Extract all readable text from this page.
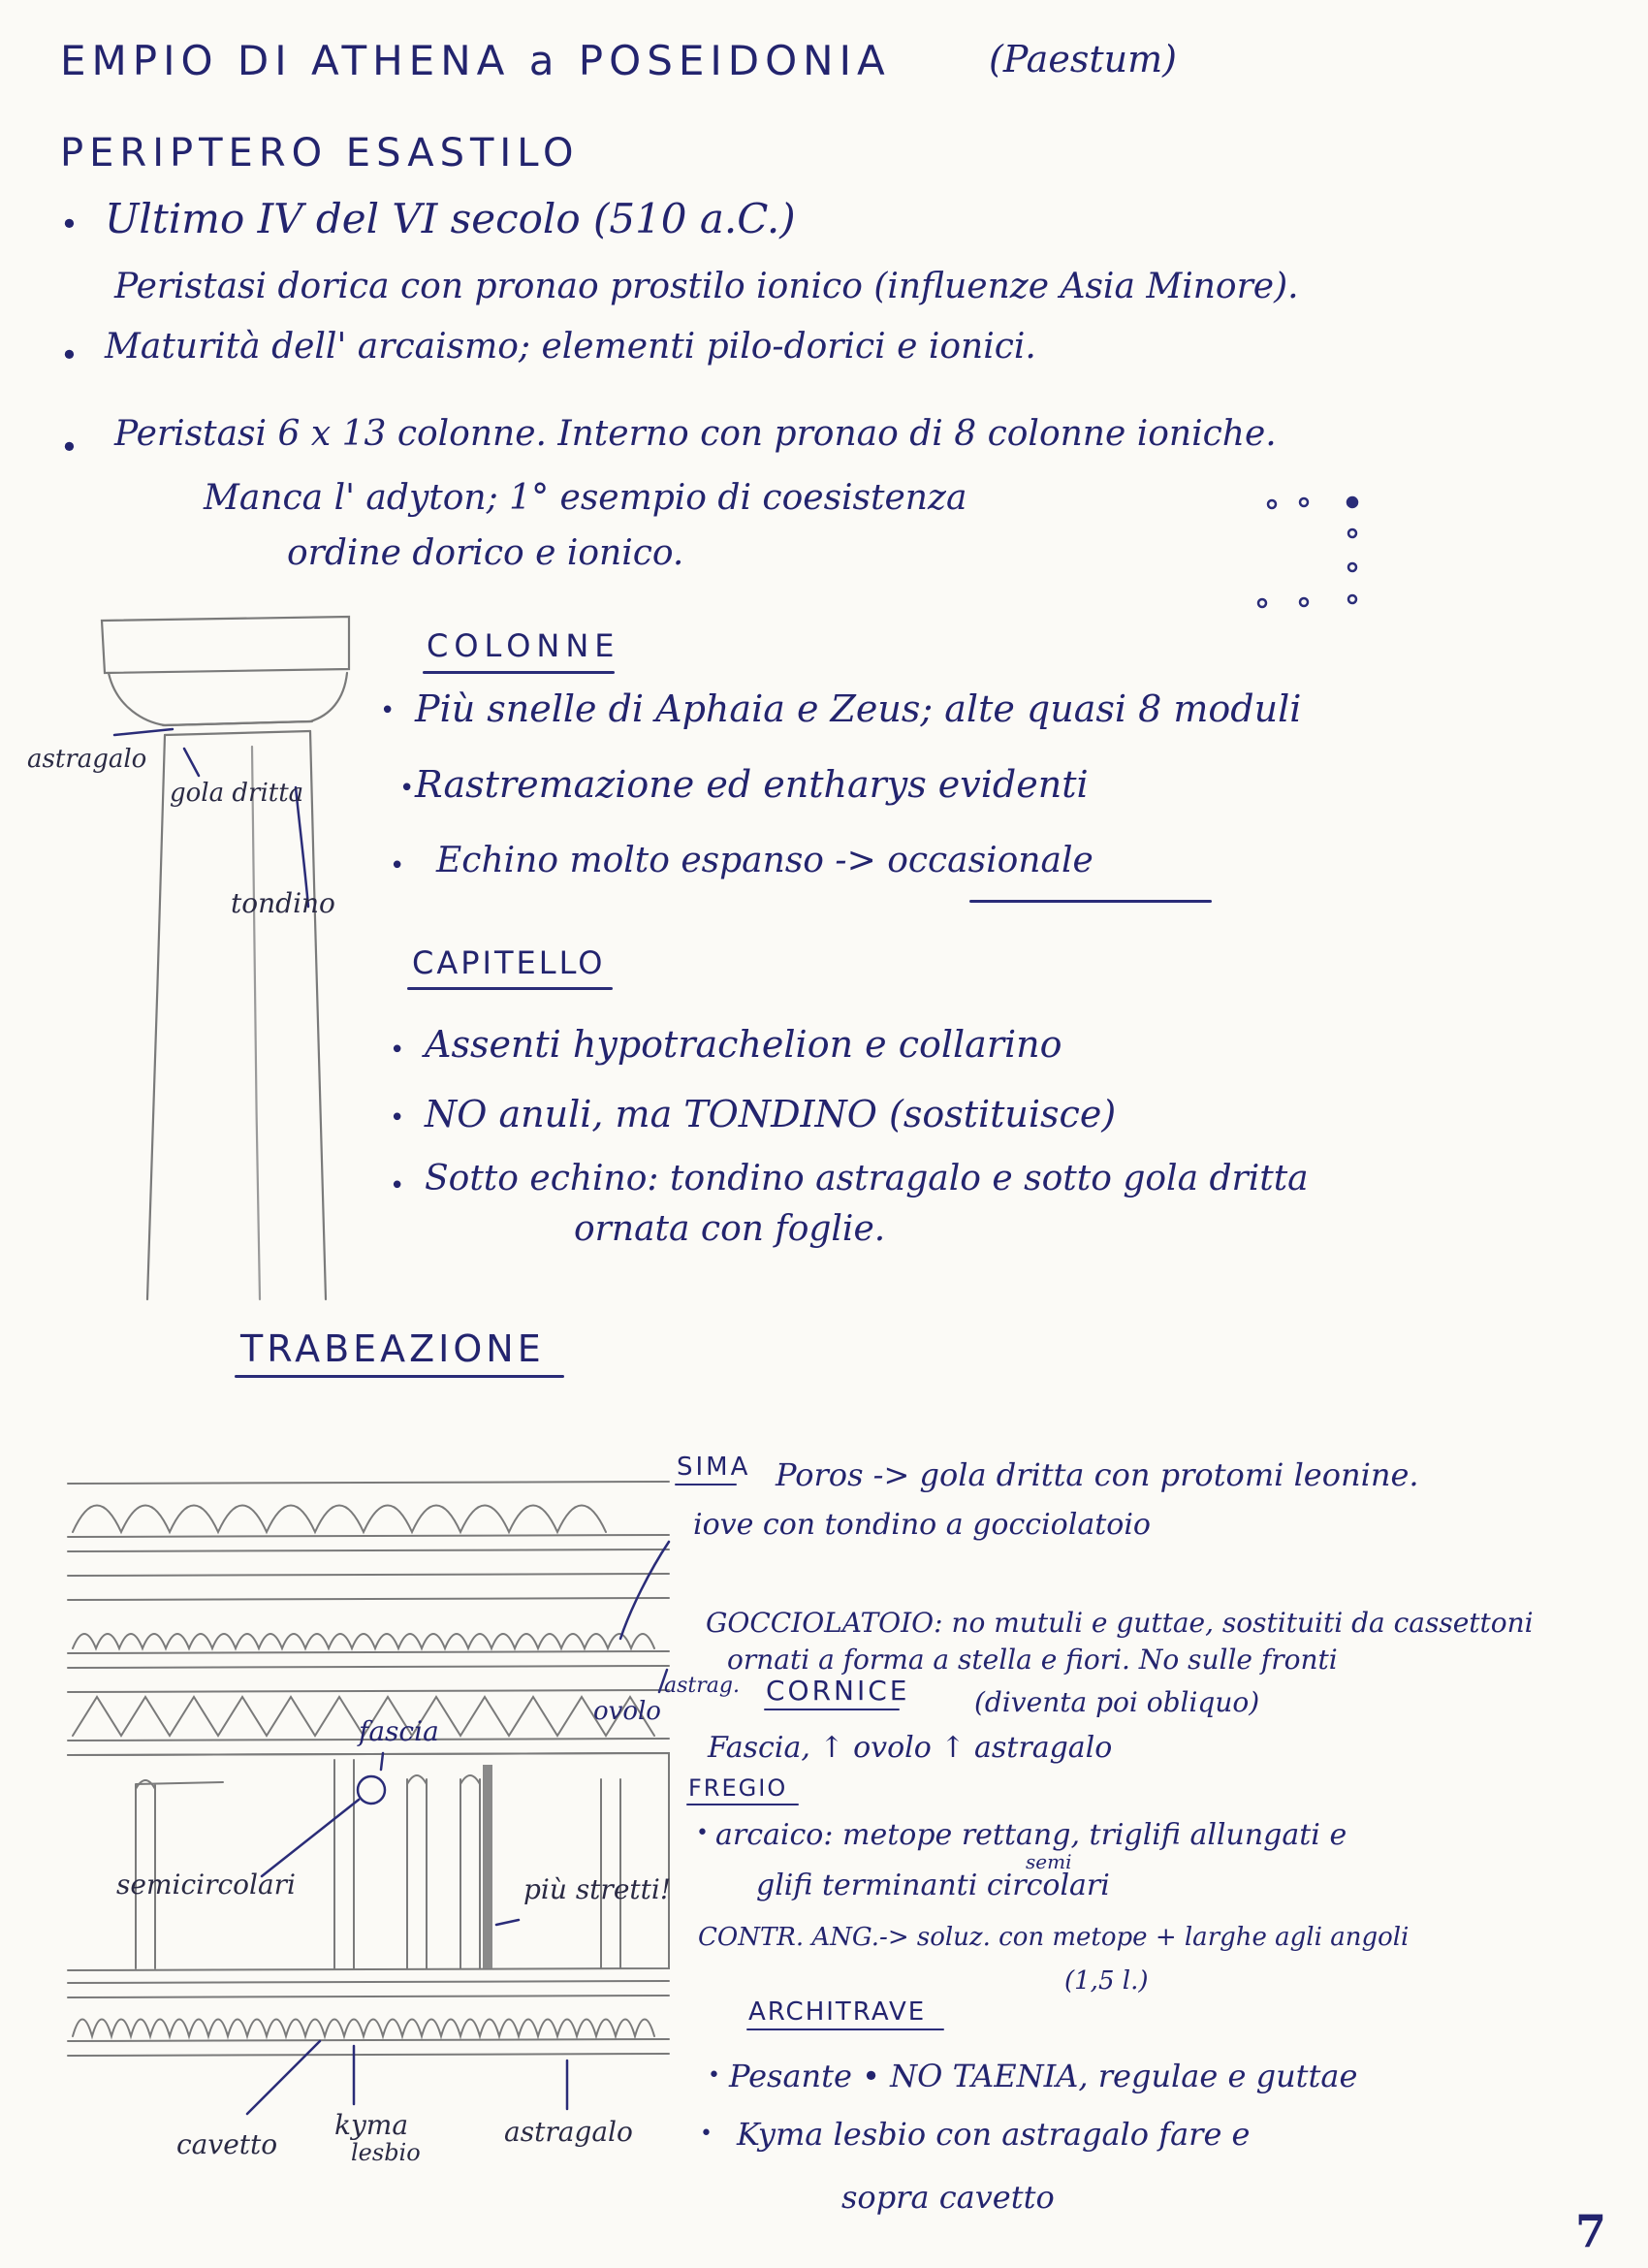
EMPIO DI ATHENA a POSEIDONIA	(Paestum)
PERIPTERO ESASTILO
• Ultimo IV del VI secolo (510 a.C.)
Peristasi dorica con pronao prostilo ionico (influenze Asia Minore).
• Maturità dell' arcaismo; elementi pilo-dorici e ionici.
• Peristasi 6 x 13 colonne. Interno con pronao di 8 colonne ioniche.
Manca l' adyton; 1° esempio di coesistenza
ordine dorico e ionico.
COLONNE
• Più snelle di Aphaia e Zeus; alte quasi 8 moduli
• Rastremazione ed entharys evidenti
• Echino molto espanso -> occasionale
CAPITELLO
• Assenti hypotrachelion e collarino
• NO anuli, ma TONDINO (sostituisce)
• Sotto echino: tondino astragalo e sotto gola dritta
ornata con foglie.
astragalo
gola dritta
tondino
TRABEAZIONE
SIMA Poros -> gola dritta con protomi leonine.
iove con tondino a gocciolatoio
GOCCIOLATOIO: no mutuli e guttae, sostituiti da cassettoni
ornati a forma a stella e fiori. No sulle fronti
CORNICE (diventa poi obliquo)
Fascia, ↑ ovolo ↑ astragalo
FREGIO
• arcaico: metope rettang, triglifi allungati e
semi
glifi terminanti circolari
CONTR. ANG.-> soluz. con metope + larghe agli angoli
(1,5 l.)
ARCHITRAVE
• Pesante • NO TAENIA, regulae e guttae
• Kyma lesbio con astragalo fare e
sopra cavetto
astrag.
ovolo
fascia
semicircolari	più stretti!
cavetto
kyma
lesbio
astragalo
7
